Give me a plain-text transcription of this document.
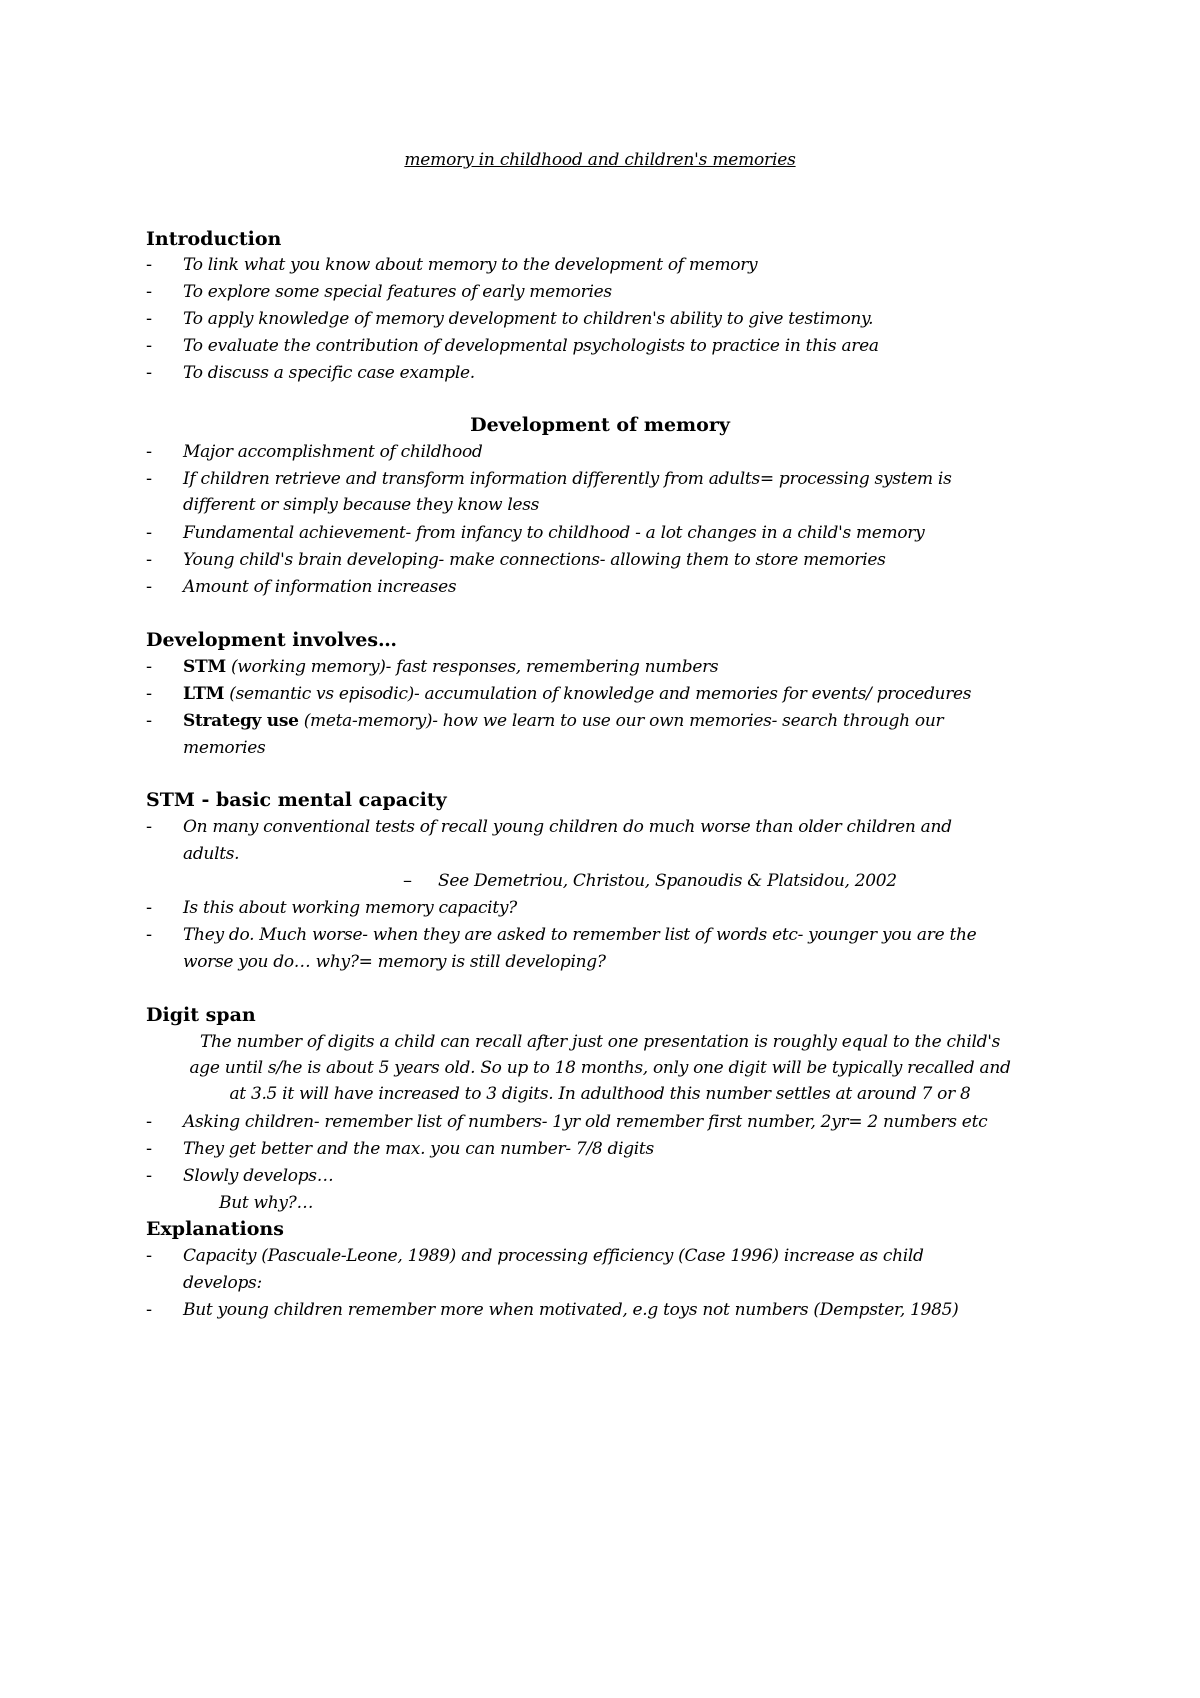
memory in childhood and children's memories
Introduction
- To link what you know about memory to the development of memory
- To explore some special features of early memories
- To apply knowledge of memory development to children's ability to give testimony.
- To evaluate the contribution of developmental psychologists to practice in this area
- To discuss a specific case example.
Development of memory
- Major accomplishment of childhood
- If children retrieve and transform information differently from adults= processing system is
different or simply because they know less
- Fundamental achievement- from infancy to childhood - a lot changes in a child's memory
- Young child's brain developing- make connections- allowing them to store memories
- Amount of information increases
Development involves…
- STM (working memory)- fast responses, remembering numbers
- LTM (semantic vs episodic)- accumulation of knowledge and memories for events/ procedures
- Strategy use (meta-memory)- how we learn to use our own memories- search through our
memories
STM - basic mental capacity
- On many conventional tests of recall young children do much worse than older children and
adults.
– See Demetriou, Christou, Spanoudis & Platsidou, 2002
- Is this about working memory capacity?
- They do. Much worse- when they are asked to remember list of words etc- younger you are the
worse you do… why?= memory is still developing?
Digit span
The number of digits a child can recall after just one presentation is roughly equal to the child's
age until s/he is about 5 years old. So up to 18 months, only one digit will be typically recalled and
at 3.5 it will have increased to 3 digits. In adulthood this number settles at around 7 or 8
- Asking children- remember list of numbers- 1yr old remember first number, 2yr= 2 numbers etc
- They get better and the max. you can number- 7/8 digits
- Slowly develops…
But why?…
Explanations
- Capacity (Pascuale-Leone, 1989) and processing efficiency (Case 1996) increase as child
develops:
- But young children remember more when motivated, e.g toys not numbers (Dempster, 1985)
